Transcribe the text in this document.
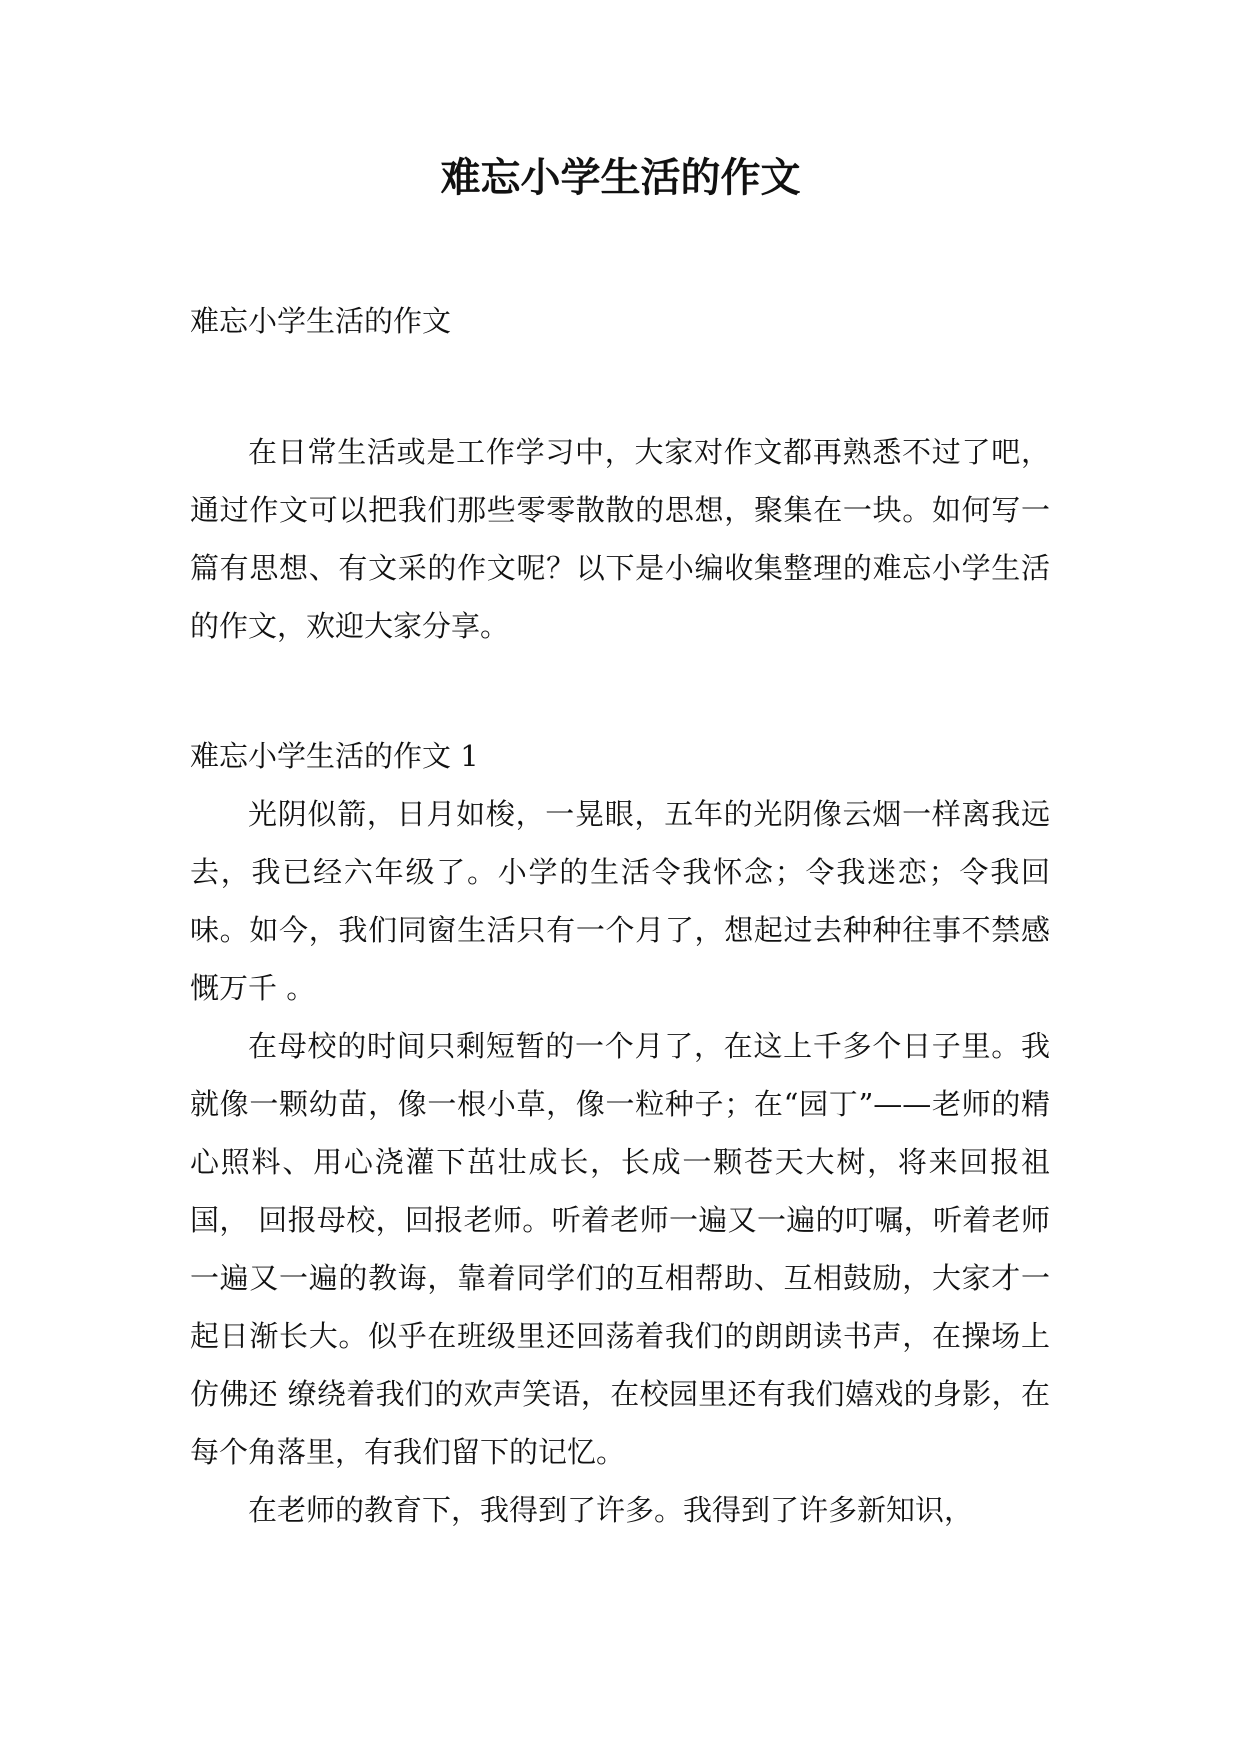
难忘小学生活的作文

难忘小学生活的作文

在日常生活或是工作学习中，大家对作文都再熟悉不过了吧，通过作文可以把我们那些零零散散的思想，聚集在一块。如何写一篇有思想、有文采的作文呢？以下是小编收集整理的难忘小学生活的作文，欢迎大家分享。

难忘小学生活的作文 1

光阴似箭，日月如梭，一晃眼，五年的光阴像云烟一样离我远去，我已经六年级了。小学的生活令我怀念；令我迷恋；令我回味。如今，我们同窗生活只有一个月了，想起过去种种往事不禁感慨万千 。

在母校的时间只剩短暂的一个月了，在这上千多个日子里。我就像一颗幼苗，像一根小草，像一粒种子；在“园丁”——老师的精心照料、用心浇灌下茁壮成长，长成一颗苍天大树，将来回报祖国， 回报母校，回报老师。听着老师一遍又一遍的叮嘱，听着老师一遍又一遍的教诲，靠着同学们的互相帮助、互相鼓励，大家才一起日渐长大。似乎在班级里还回荡着我们的朗朗读书声，在操场上仿佛还 缭绕着我们的欢声笑语，在校园里还有我们嬉戏的身影，在每个角落里，有我们留下的记忆。

在老师的教育下，我得到了许多。我得到了许多新知识，
